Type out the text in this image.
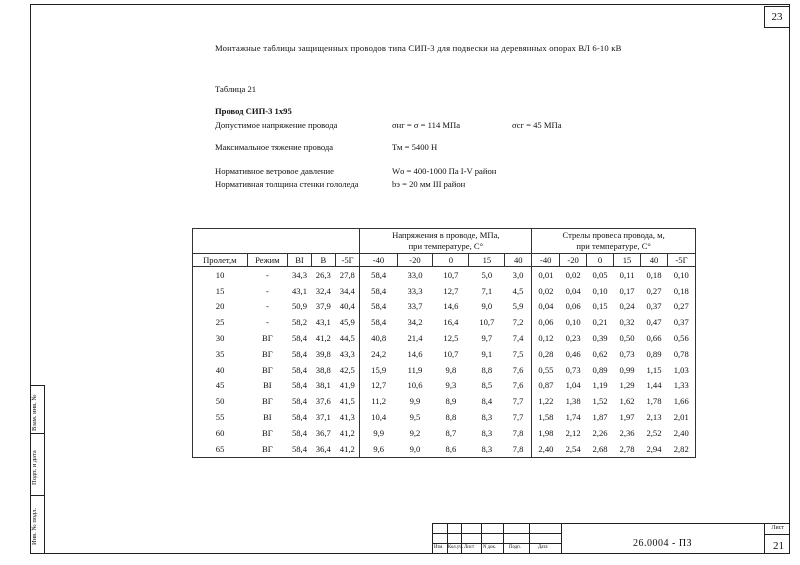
23
Монтажные таблицы защищенных проводов типа СИП-3 для подвески на деревянных опорах ВЛ 6-10 кВ
Таблица 21
Провод СИП-3 1х95
Допустимое напряжение провода	σнг = σ = 114 МПа	σсг = 45 МПа
Максимальное тяжение провода	Тм = 5400 Н
Нормативное ветровое давление	Wо = 400-1000 Па I-V район
Нормативная толщина стенки гололеда	bэ = 20 мм III район
					Напряжения в проводе, МПа,
при температуре, С°					Стрелы провеса провода, м,
при температуре, С°					
Пролет,м	Режим	ВI	В	-5Г	-40	-20	0	15	40	-40	-20	0	15	40	-5Г
10	-	34,3	26,3	27,8	58,4	33,0	10,7	5,0	3,0	0,01	0,02	0,05	0,11	0,18	0,10
15	-	43,1	32,4	34,4	58,4	33,3	12,7	7,1	4,5	0,02	0,04	0,10	0,17	0,27	0,18
20	-	50,9	37,9	40,4	58,4	33,7	14,6	9,0	5,9	0,04	0,06	0,15	0,24	0,37	0,27
25	-	58,2	43,1	45,9	58,4	34,2	16,4	10,7	7,2	0,06	0,10	0,21	0,32	0,47	0,37
30	ВГ	58,4	41,2	44,5	40,8	21,4	12,5	9,7	7,4	0,12	0,23	0,39	0,50	0,66	0,56
35	ВГ	58,4	39,8	43,3	24,2	14,6	10,7	9,1	7,5	0,28	0,46	0,62	0,73	0,89	0,78
40	ВГ	58,4	38,8	42,5	15,9	11,9	9,8	8,8	7,6	0,55	0,73	0,89	0,99	1,15	1,03
45	ВI	58,4	38,1	41,9	12,7	10,6	9,3	8,5	7,6	0,87	1,04	1,19	1,29	1,44	1,33
50	ВГ	58,4	37,6	41,5	11,2	9,9	8,9	8,4	7,7	1,22	1,38	1,52	1,62	1,78	1,66
55	ВI	58,4	37,1	41,3	10,4	9,5	8,8	8,3	7,7	1,58	1,74	1,87	1,97	2,13	2,01
60	ВГ	58,4	36,7	41,2	9,9	9,2	8,7	8,3	7,8	1,98	2,12	2,26	2,36	2,52	2,40
65	ВГ	58,4	36,4	41,2	9,6	9,0	8,6	8,3	7,8	2,40	2,54	2,68	2,78	2,94	2,82
Взам. инв. №
Подп. и дата
Инв. № подл.
Изм. Кол.уч. Лист N док.	Подп.	Дата	26.0004 - ПЗ
Лист
21
